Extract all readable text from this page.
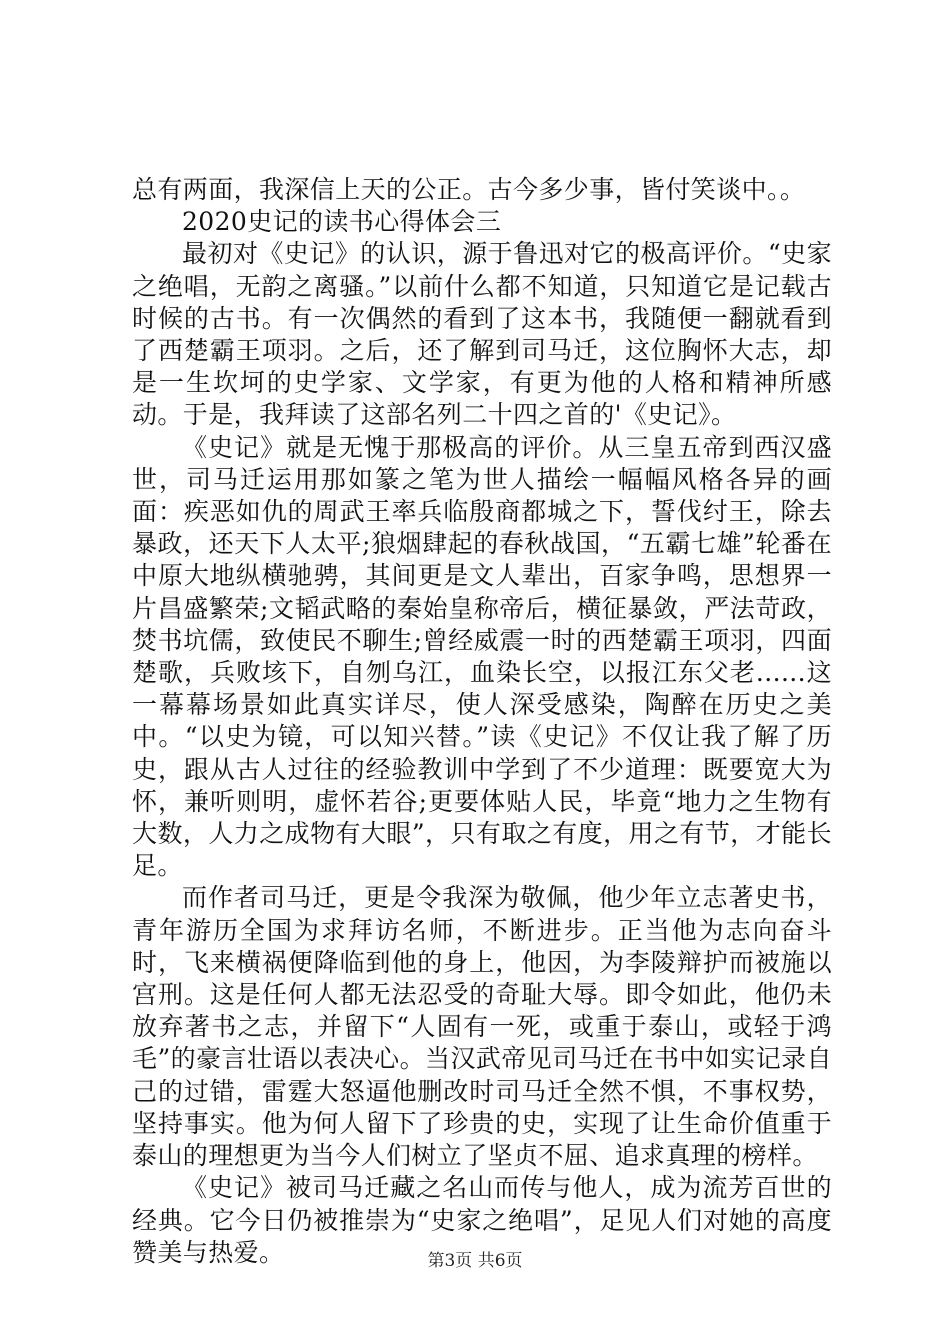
总有两面，我深信上天的公正。古今多少事，皆付笑谈中。。

2020史记的读书心得体会三

最初对《史记》的认识，源于鲁迅对它的极高评价。“史家之绝唱，无韵之离骚。”以前什么都不知道，只知道它是记载古时候的古书。有一次偶然的看到了这本书，我随便一翻就看到了西楚霸王项羽。之后，还了解到司马迁，这位胸怀大志，却是一生坎坷的史学家、文学家，有更为他的人格和精神所感动。于是，我拜读了这部名列二十四之首的'《史记》。

《史记》就是无愧于那极高的评价。从三皇五帝到西汉盛世，司马迁运用那如篆之笔为世人描绘一幅幅风格各异的画面：疾恶如仇的周武王率兵临殷商都城之下，誓伐纣王，除去暴政，还天下人太平;狼烟肆起的春秋战国，“五霸七雄”轮番在中原大地纵横驰骋，其间更是文人辈出，百家争鸣，思想界一片昌盛繁荣;文韬武略的秦始皇称帝后，横征暴敛，严法苛政，焚书坑儒，致使民不聊生;曾经威震一时的西楚霸王项羽，四面楚歌，兵败垓下，自刎乌江，血染长空，以报江东父老......这一幕幕场景如此真实详尽，使人深受感染，陶醉在历史之美中。“以史为镜，可以知兴替。”读《史记》不仅让我了解了历史，跟从古人过往的经验教训中学到了不少道理：既要宽大为怀，兼听则明，虚怀若谷;更要体贴人民，毕竟“地力之生物有大数，人力之成物有大眼”，只有取之有度，用之有节，才能长足。

而作者司马迁，更是令我深为敬佩，他少年立志著史书，青年游历全国为求拜访名师，不断进步。正当他为志向奋斗时，飞来横祸便降临到他的身上，他因，为李陵辩护而被施以宫刑。这是任何人都无法忍受的奇耻大辱。即令如此，他仍未放弃著书之志，并留下“人固有一死，或重于泰山，或轻于鸿毛”的豪言壮语以表决心。当汉武帝见司马迁在书中如实记录自己的过错，雷霆大怒逼他删改时司马迁全然不惧，不事权势，坚持事实。他为何人留下了珍贵的史，实现了让生命价值重于泰山的理想更为当今人们树立了坚贞不屈、追求真理的榜样。

《史记》被司马迁藏之名山而传与他人，成为流芳百世的经典。它今日仍被推崇为“史家之绝唱”，足见人们对她的高度赞美与热爱。	第3页 共6页
